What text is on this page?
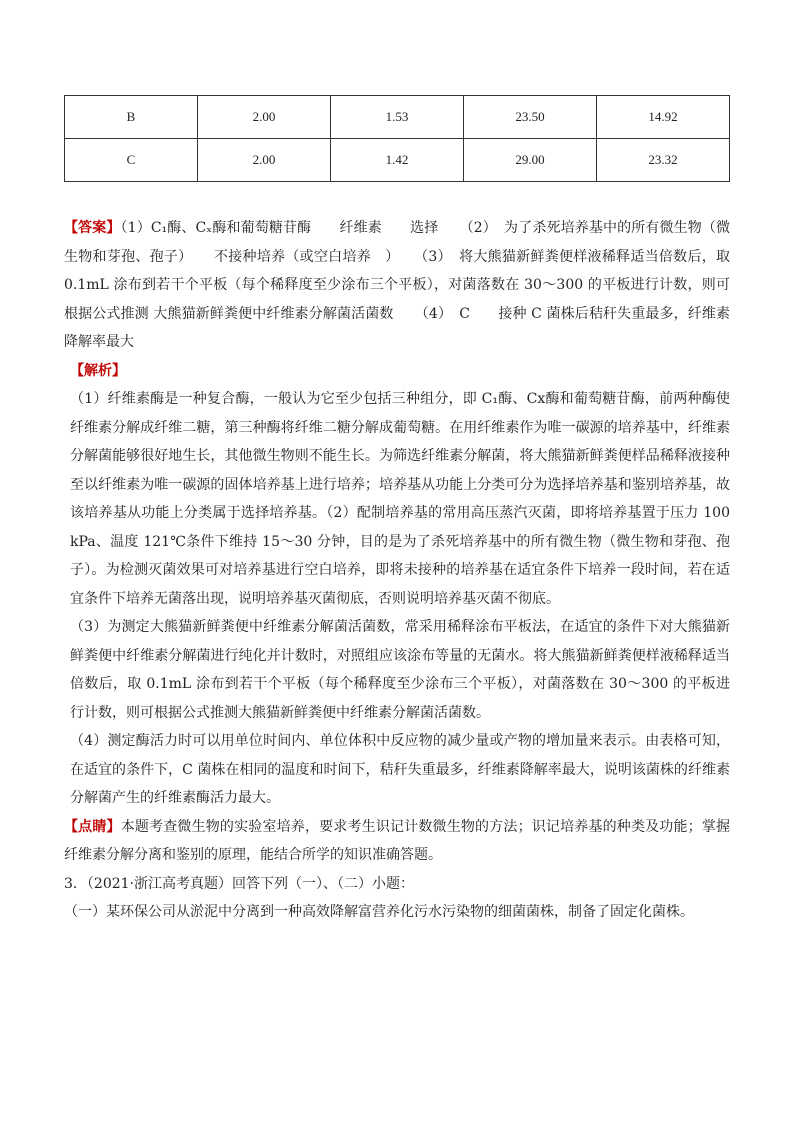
B	2.00	1.53	23.50	14.92
C	2.00	1.42	29.00	23.32

【答案】（1）C₁酶、Cₓ酶和葡萄糖苷酶　　纤维素　　选择　　（2）　为了杀死培养基中的所有微生物（微生物和芽孢、孢子）　　不接种培养（或空白培养　）　　（3）　将大熊猫新鲜粪便样液稀释适当倍数后，取 0.1mL 涂布到若干个平板（每个稀释度至少涂布三个平板），对菌落数在 30～300 的平板进行计数，则可根据公式推测 大熊猫新鲜粪便中纤维素分解菌活菌数　　（4）　C　　接种 C 菌株后秸秆失重最多，纤维素降解率最大

【解析】

（1）纤维素酶是一种复合酶，一般认为它至少包括三种组分，即 C₁酶、Cx酶和葡萄糖苷酶，前两种酶使纤维素分解成纤维二糖，第三种酶将纤维二糖分解成葡萄糖。在用纤维素作为唯一碳源的培养基中，纤维素分解菌能够很好地生长，其他微生物则不能生长。为筛选纤维素分解菌，将大熊猫新鲜粪便样品稀释液接种至以纤维素为唯一碳源的固体培养基上进行培养；培养基从功能上分类可分为选择培养基和鉴别培养基，故该培养基从功能上分类属于选择培养基。（2）配制培养基的常用高压蒸汽灭菌，即将培养基置于压力 100 kPa、温度 121℃条件下维持 15～30 分钟，目的是为了杀死培养基中的所有微生物（微生物和芽孢、孢子）。为检测灭菌效果可对培养基进行空白培养，即将未接种的培养基在适宜条件下培养一段时间，若在适宜条件下培养无菌落出现，说明培养基灭菌彻底，否则说明培养基灭菌不彻底。

（3）为测定大熊猫新鲜粪便中纤维素分解菌活菌数，常采用稀释涂布平板法，在适宜的条件下对大熊猫新鲜粪便中纤维素分解菌进行纯化并计数时，对照组应该涂布等量的无菌水。将大熊猫新鲜粪便样液稀释适当倍数后，取 0.1mL 涂布到若干个平板（每个稀释度至少涂布三个平板），对菌落数在 30～300 的平板进行计数，则可根据公式推测大熊猫新鲜粪便中纤维素分解菌活菌数。

（4）测定酶活力时可以用单位时间内、单位体积中反应物的减少量或产物的增加量来表示。由表格可知，在适宜的条件下，C 菌株在相同的温度和时间下，秸秆失重最多，纤维素降解率最大，说明该菌株的纤维素分解菌产生的纤维素酶活力最大。

【点睛】本题考查微生物的实验室培养，要求考生识记计数微生物的方法；识记培养基的种类及功能；掌握纤维素分解分离和鉴别的原理，能结合所学的知识准确答题。

3．（2021·浙江高考真题）回答下列（一）、（二）小题：

（一）某环保公司从淤泥中分离到一种高效降解富营养化污水污染物的细菌菌株，制备了固定化菌株。
